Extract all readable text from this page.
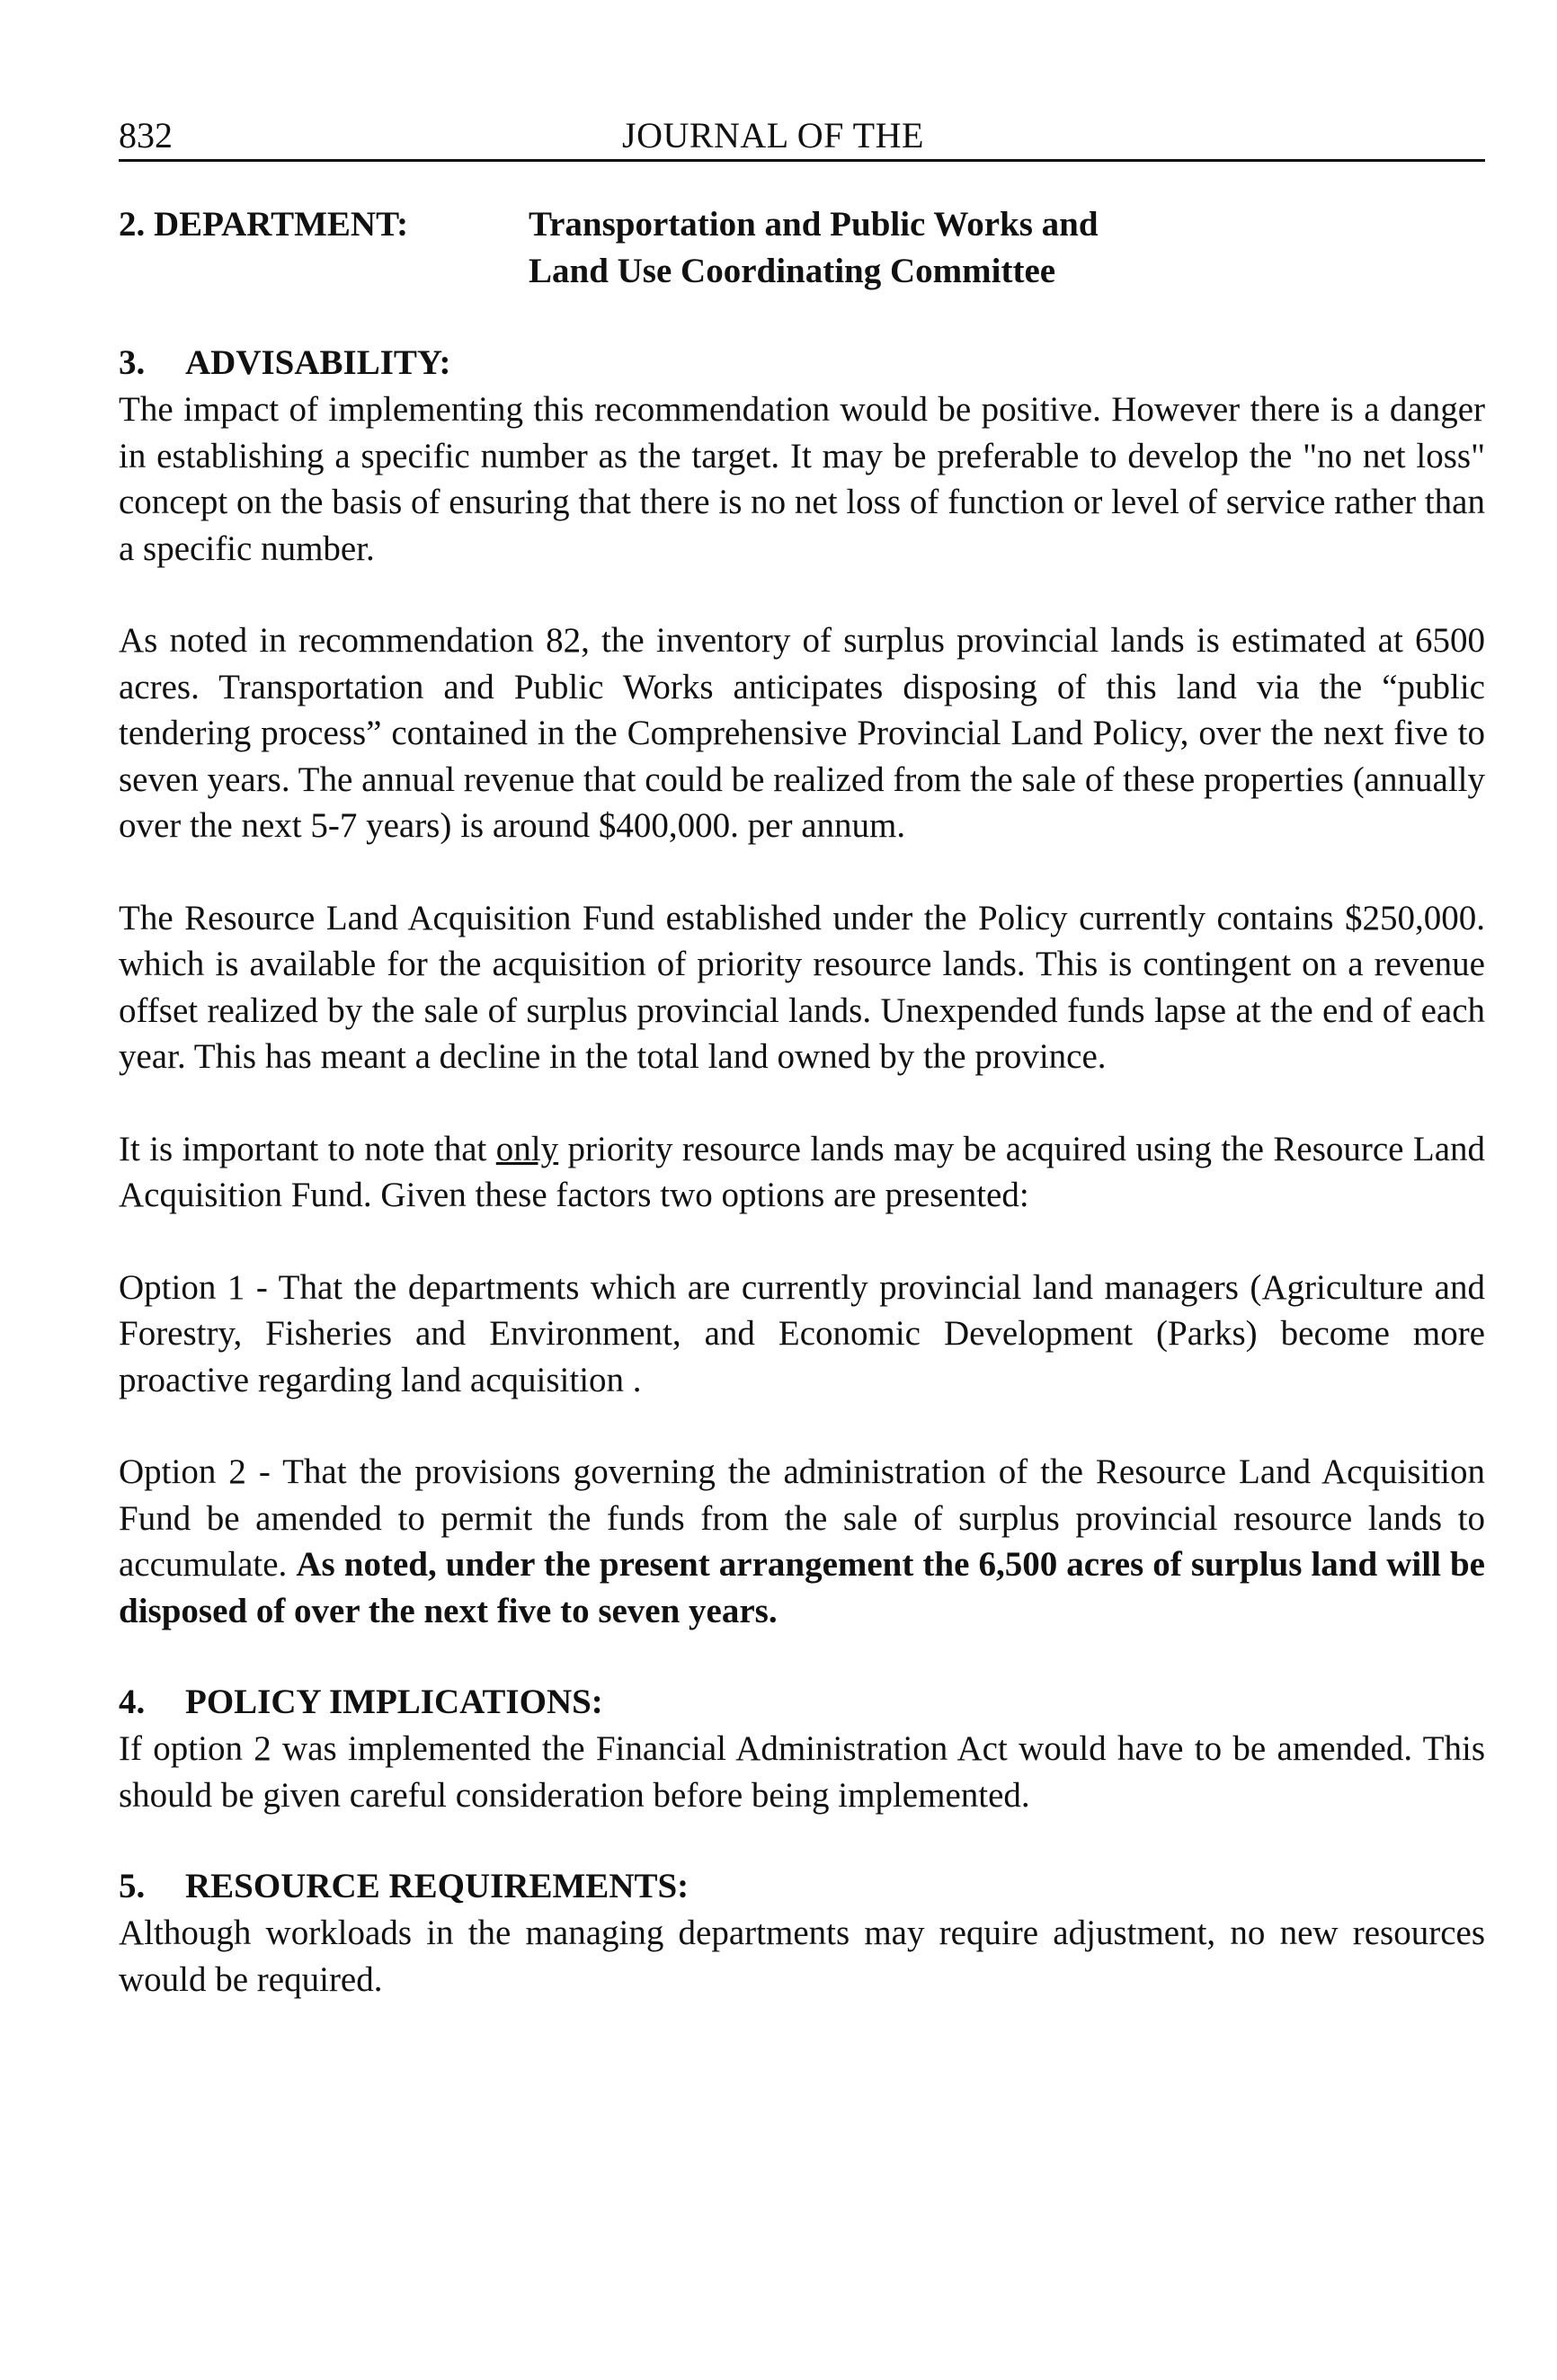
832	JOURNAL OF THE
2. DEPARTMENT:	Transportation and Public Works and
Land Use Coordinating Committee
3. ADVISABILITY:

The impact of implementing this recommendation would be positive. However there is a danger in establishing a specific number as the target. It may be preferable to develop the "no net loss" concept on the basis of ensuring that there is no net loss of function or level of service rather than a specific number.

As noted in recommendation 82, the inventory of surplus provincial lands is estimated at 6500 acres. Transportation and Public Works anticipates disposing of this land via the “public tendering process” contained in the Comprehensive Provincial Land Policy, over the next five to seven years. The annual revenue that could be realized from the sale of these properties (annually over the next 5-7 years) is around $400,000. per annum.

The Resource Land Acquisition Fund established under the Policy currently contains $250,000. which is available for the acquisition of priority resource lands. This is contingent on a revenue offset realized by the sale of surplus provincial lands. Unexpended funds lapse at the end of each year. This has meant a decline in the total land owned by the province.

It is important to note that only priority resource lands may be acquired using the Resource Land Acquisition Fund. Given these factors two options are presented:

Option 1 - That the departments which are currently provincial land managers (Agriculture and Forestry, Fisheries and Environment, and Economic Development (Parks) become more proactive regarding land acquisition .

Option 2 - That the provisions governing the administration of the Resource Land Acquisition Fund be amended to permit the funds from the sale of surplus provincial resource lands to accumulate. As noted, under the present arrangement the 6,500 acres of surplus land will be disposed of over the next five to seven years.

4. POLICY IMPLICATIONS:

If option 2 was implemented the Financial Administration Act would have to be amended. This should be given careful consideration before being implemented.

5. RESOURCE REQUIREMENTS:

Although workloads in the managing departments may require adjustment, no new resources would be required.
